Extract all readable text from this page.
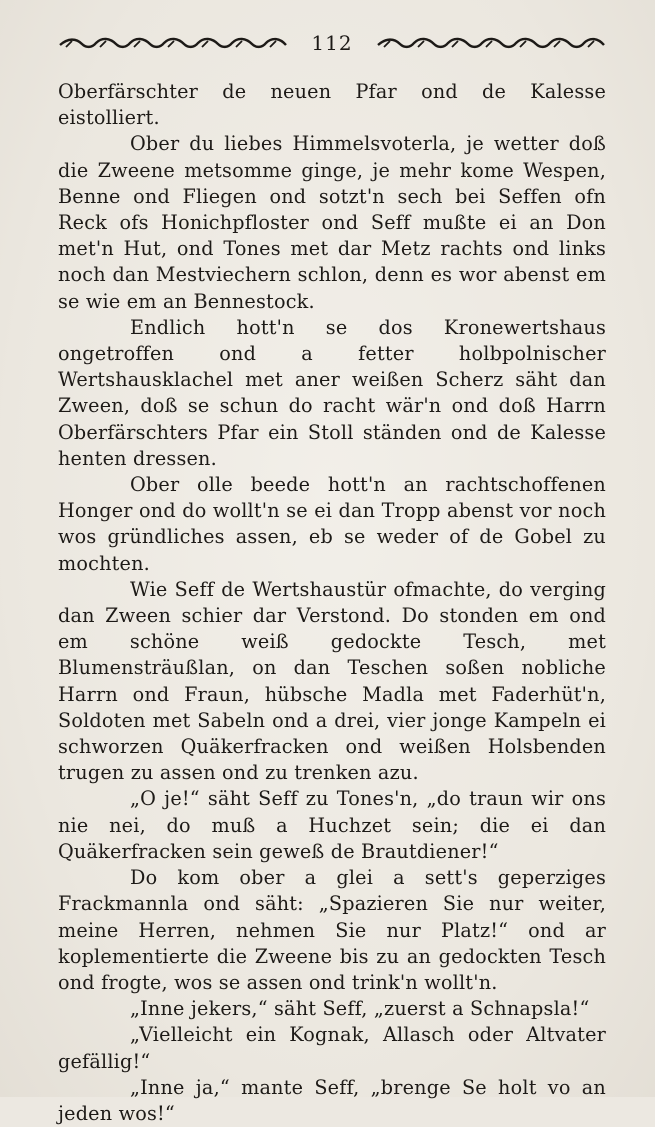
112

Oberfärschter de neuen Pfar ond de Kalesse eistolliert.

Ober du liebes Himmelsvoterla, je wetter doß die Zweene metsomme ginge, je mehr kome Wespen, Benne ond Fliegen ond sotzt'n sech bei Seffen ofn Reck ofs Honichpfloster ond Seff mußte ei an Don met'n Hut, ond Tones met dar Metz rachts ond links noch dan Mestviechern schlon, denn es wor abenst em se wie em an Bennestock.

Endlich hott'n se dos Kronewertshaus ongetroffen ond a fetter holbpolnischer Wertshausklachel met aner weißen Scherz säht dan Zween, doß se schun do racht wär'n ond doß Harrn Oberfärschters Pfar ein Stoll ständen ond de Kalesse henten dressen.

Ober olle beede hott'n an rachtschoffenen Honger ond do wollt'n se ei dan Tropp abenst vor noch wos gründliches assen, eb se weder of de Gobel zu mochten.

Wie Seff de Wertshaustür ofmachte, do verging dan Zween schier dar Verstond. Do stonden em ond em schöne weiß gedockte Tesch, met Blumensträußlan, on dan Teschen soßen nobliche Harrn ond Fraun, hübsche Madla met Faderhüt'n, Soldoten met Sabeln ond a drei, vier jonge Kampeln ei schworzen Quäkerfracken ond weißen Holsbenden trugen zu assen ond zu trenken azu.

„O je!“ säht Seff zu Tones'n, „do traun wir ons nie nei, do muß a Huchzet sein; die ei dan Quäkerfracken sein geweß de Brautdiener!“

Do kom ober a glei a sett's geperziges Frackmannla ond säht: „Spazieren Sie nur weiter, meine Herren, nehmen Sie nur Platz!“ ond ar koplementierte die Zweene bis zu an gedockten Tesch ond frogte, wos se assen ond trink'n wollt'n.

„Inne jekers,“ säht Seff, „zuerst a Schnapsla!“

„Vielleicht ein Kognak, Allasch oder Altvater gefällig!“

„Inne ja,“ mante Seff, „brenge Se holt vo an jeden wos!“
